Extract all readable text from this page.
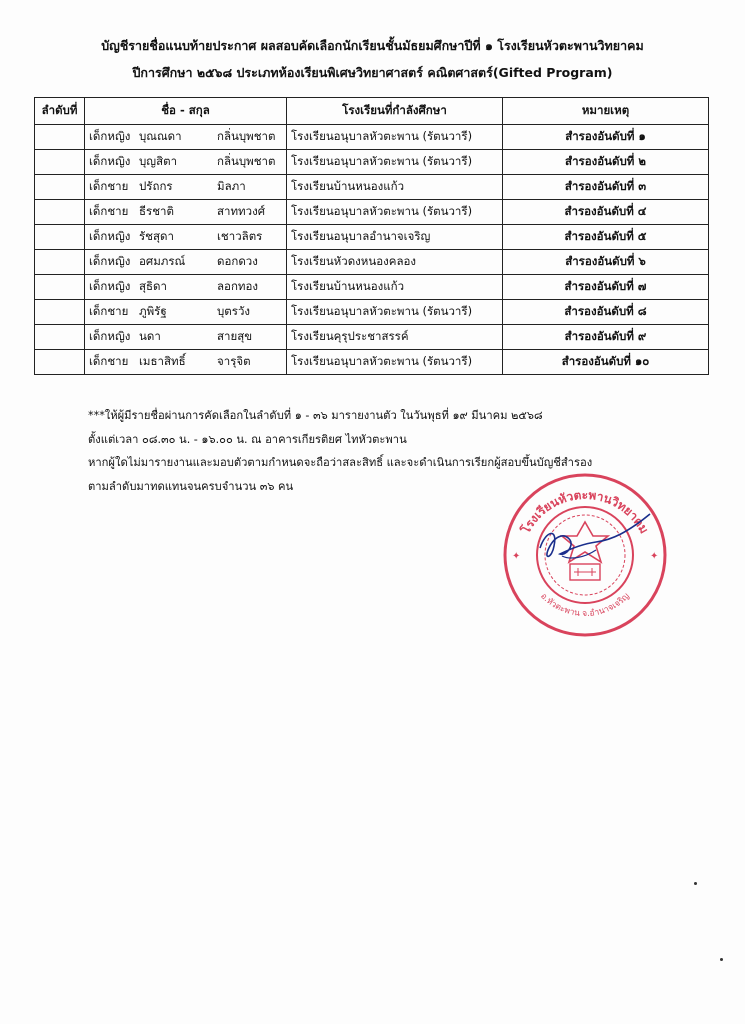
บัญชีรายชื่อแนบท้ายประกาศ ผลสอบคัดเลือกนักเรียนชั้นมัธยมศึกษาปีที่ ๑ โรงเรียนหัวตะพานวิทยาคม
ปีการศึกษา ๒๕๖๘ ประเภทห้องเรียนพิเศษวิทยาศาสตร์ คณิตศาสตร์(Gifted Program)
ลำดับที่	ชื่อ - สกุล	โรงเรียนที่กำลังศึกษา	หมายเหตุ
	เด็กหญิง บุณณดา กลิ่นบุพชาต	โรงเรียนอนุบาลหัวตะพาน (รัตนวารี)	สำรองอันดับที่ ๑
	เด็กหญิง บุญสิตา กลิ่นบุพชาต	โรงเรียนอนุบาลหัวตะพาน (รัตนวารี)	สำรองอันดับที่ ๒
	เด็กชาย ปรัถกร มิลภา	โรงเรียนบ้านหนองแก้ว	สำรองอันดับที่ ๓
	เด็กชาย ธีรชาติ สาททวงศ์	โรงเรียนอนุบาลหัวตะพาน (รัตนวารี)	สำรองอันดับที่ ๔
	เด็กหญิง รัชสุดา เชาวลิตร	โรงเรียนอนุบาลอำนาจเจริญ	สำรองอันดับที่ ๕
	เด็กหญิง อศมภรณ์ ดอกดวง	โรงเรียนหัวดงหนองคลอง	สำรองอันดับที่ ๖
	เด็กหญิง สุธิดา ลอกทอง	โรงเรียนบ้านหนองแก้ว	สำรองอันดับที่ ๗
	เด็กชาย ภูพิรัฐ บุตรวัง	โรงเรียนอนุบาลหัวตะพาน (รัตนวารี)	สำรองอันดับที่ ๘
	เด็กหญิง นดา สายสุข	โรงเรียนคุรุประชาสรรค์	สำรองอันดับที่ ๙
	เด็กชาย เมธาสิทธิ์ จารุจิต	โรงเรียนอนุบาลหัวตะพาน (รัตนวารี)	สำรองอันดับที่ ๑๐
***ให้ผู้มีรายชื่อผ่านการคัดเลือกในลำดับที่ ๑ - ๓๖ มารายงานตัว ในวันพุธที่ ๑๙ มีนาคม ๒๕๖๘
ตั้งแต่เวลา ๐๘.๓๐ น. - ๑๖.๐๐ น. ณ อาคารเกียรติยศ ไทหัวตะพาน
หากผู้ใดไม่มารายงานและมอบตัวตามกำหนดจะถือว่าสละสิทธิ์ และจะดำเนินการเรียกผู้สอบขึ้นบัญชีสำรอง
ตามลำดับมาทดแทนจนครบจำนวน ๓๖ คน
โรงเรียนหัวตะพานวิทยาคม
อ.หัวตะพาน จ.อำนาจเจริญ
✦	✦
